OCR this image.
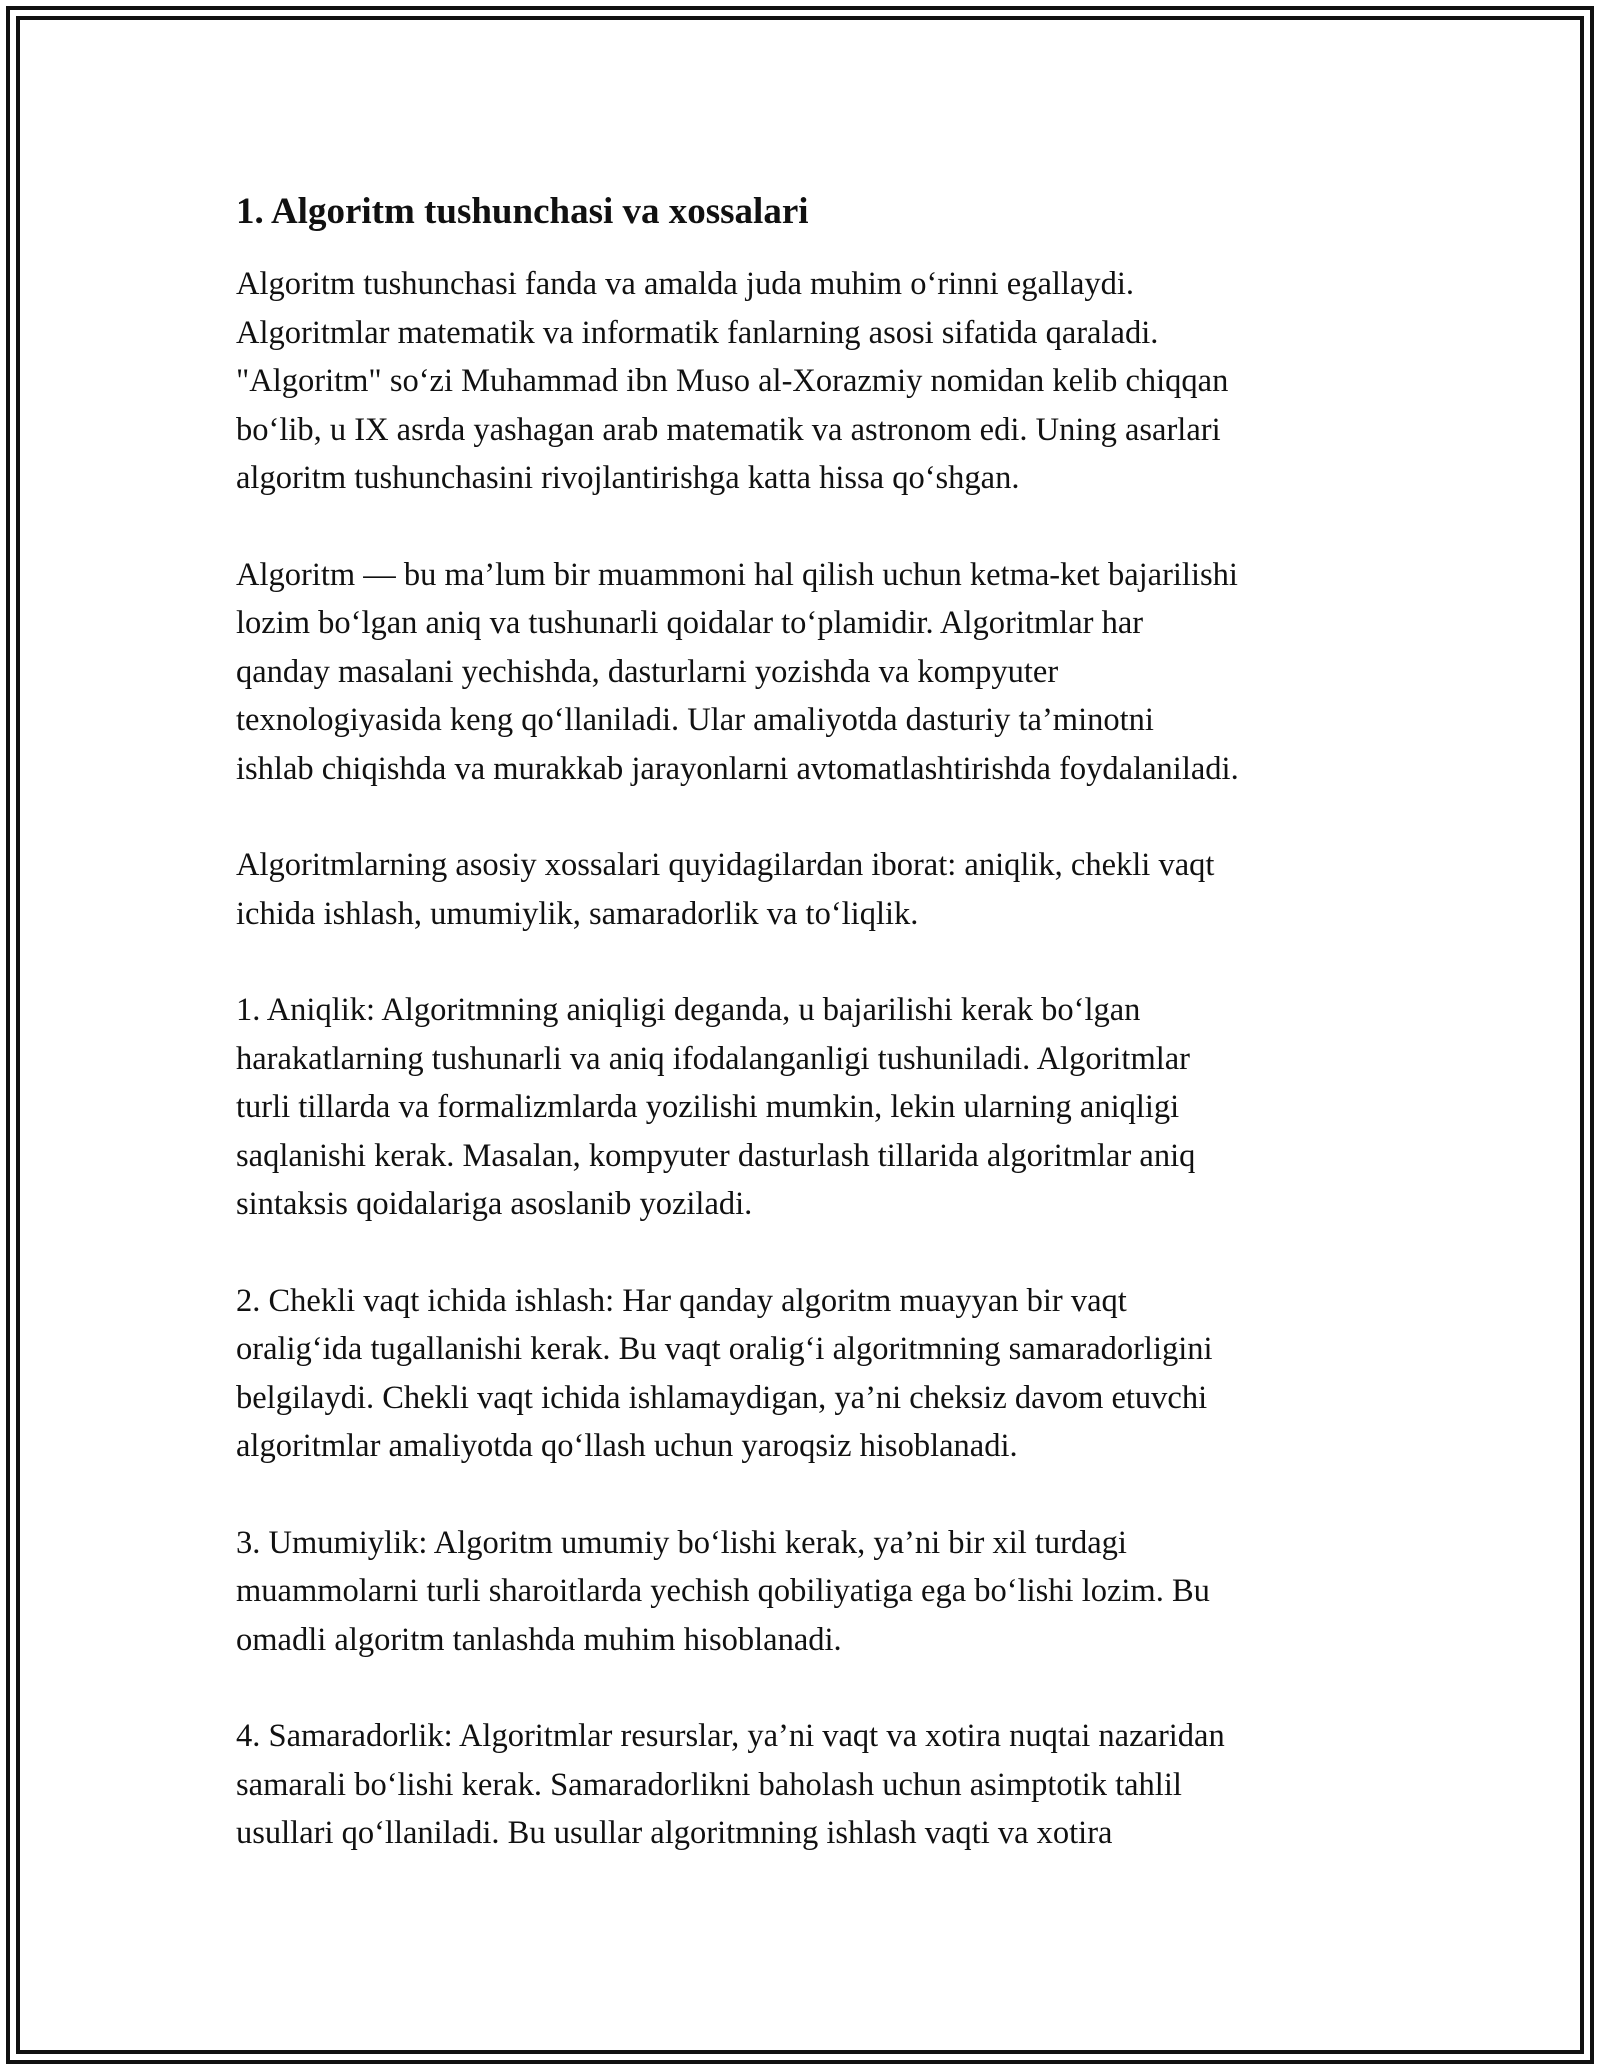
1. Algoritm tushunchasi va xossalari

Algoritm tushunchasi fanda va amalda juda muhim o‘rinni egallaydi.
Algoritmlar matematik va informatik fanlarning asosi sifatida qaraladi.
"Algoritm" so‘zi Muhammad ibn Muso al-Xorazmiy nomidan kelib chiqqan
bo‘lib, u IX asrda yashagan arab matematik va astronom edi. Uning asarlari
algoritm tushunchasini rivojlantirishga katta hissa qo‘shgan.

Algoritm — bu ma’lum bir muammoni hal qilish uchun ketma-ket bajarilishi
lozim bo‘lgan aniq va tushunarli qoidalar to‘plamidir. Algoritmlar har
qanday masalani yechishda, dasturlarni yozishda va kompyuter
texnologiyasida keng qo‘llaniladi. Ular amaliyotda dasturiy ta’minotni
ishlab chiqishda va murakkab jarayonlarni avtomatlashtirishda foydalaniladi.

Algoritmlarning asosiy xossalari quyidagilardan iborat: aniqlik, chekli vaqt
ichida ishlash, umumiylik, samaradorlik va to‘liqlik.

1. Aniqlik: Algoritmning aniqligi deganda, u bajarilishi kerak bo‘lgan
harakatlarning tushunarli va aniq ifodalanganligi tushuniladi. Algoritmlar
turli tillarda va formalizmlarda yozilishi mumkin, lekin ularning aniqligi
saqlanishi kerak. Masalan, kompyuter dasturlash tillarida algoritmlar aniq
sintaksis qoidalariga asoslanib yoziladi.

2. Chekli vaqt ichida ishlash: Har qanday algoritm muayyan bir vaqt
oralig‘ida tugallanishi kerak. Bu vaqt oralig‘i algoritmning samaradorligini
belgilaydi. Chekli vaqt ichida ishlamaydigan, ya’ni cheksiz davom etuvchi
algoritmlar amaliyotda qo‘llash uchun yaroqsiz hisoblanadi.

3. Umumiylik: Algoritm umumiy bo‘lishi kerak, ya’ni bir xil turdagi
muammolarni turli sharoitlarda yechish qobiliyatiga ega bo‘lishi lozim. Bu
omadli algoritm tanlashda muhim hisoblanadi.

4. Samaradorlik: Algoritmlar resurslar, ya’ni vaqt va xotira nuqtai nazaridan
samarali bo‘lishi kerak. Samaradorlikni baholash uchun asimptotik tahlil
usullari qo‘llaniladi. Bu usullar algoritmning ishlash vaqti va xotira
